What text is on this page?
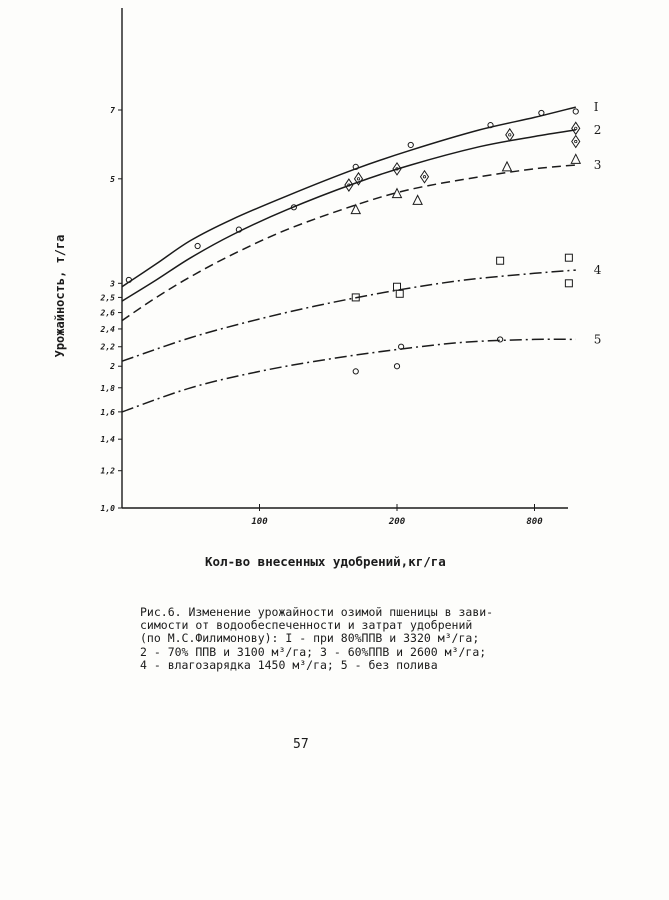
1,0
1,2
1,4
1,6
1,8
2
2,2
2,4
2,6
2,5
3
5
7
100	200	800
I
2
3
4
5
Урожайность, т/га
Кол-во внесенных удобрений,кг/га
Рис.6. Изменение урожайности озимой пшеницы в зави-
симости от водообеспеченности и затрат удобрений
(по М.С.Филимонову): I - при 80%ППВ и 3320 м³/га;
2 - 70% ППВ и 3100 м³/га; 3 - 60%ППВ и 2600 м³/га;
4 - влагозарядка 1450 м³/га; 5 - без полива
57
